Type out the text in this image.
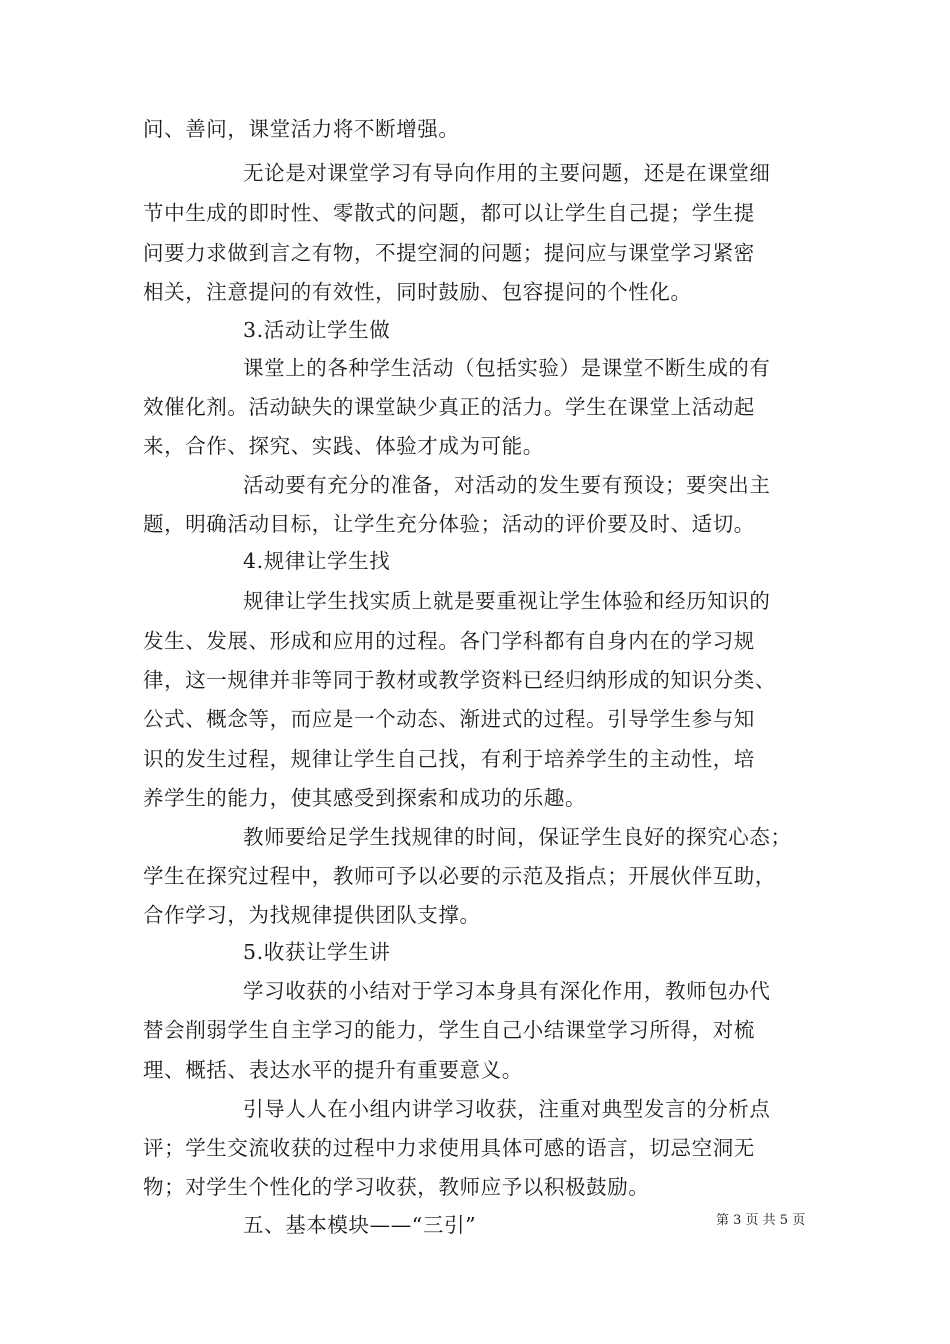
问、善问，课堂活力将不断增强。
无论是对课堂学习有导向作用的主要问题，还是在课堂细
节中生成的即时性、零散式的问题，都可以让学生自己提；学生提
问要力求做到言之有物，不提空洞的问题；提问应与课堂学习紧密
相关，注意提问的有效性，同时鼓励、包容提问的个性化。
3.活动让学生做
课堂上的各种学生活动（包括实验）是课堂不断生成的有
效催化剂。活动缺失的课堂缺少真正的活力。学生在课堂上活动起
来，合作、探究、实践、体验才成为可能。
活动要有充分的准备，对活动的发生要有预设；要突出主
题，明确活动目标，让学生充分体验；活动的评价要及时、适切。
4.规律让学生找
规律让学生找实质上就是要重视让学生体验和经历知识的
发生、发展、形成和应用的过程。各门学科都有自身内在的学习规
律，这一规律并非等同于教材或教学资料已经归纳形成的知识分类、
公式、概念等，而应是一个动态、渐进式的过程。引导学生参与知
识的发生过程，规律让学生自己找，有利于培养学生的主动性，培
养学生的能力，使其感受到探索和成功的乐趣。
教师要给足学生找规律的时间，保证学生良好的探究心态；
学生在探究过程中，教师可予以必要的示范及指点；开展伙伴互助，
合作学习，为找规律提供团队支撑。
5.收获让学生讲
学习收获的小结对于学习本身具有深化作用，教师包办代
替会削弱学生自主学习的能力，学生自己小结课堂学习所得，对梳
理、概括、表达水平的提升有重要意义。
引导人人在小组内讲学习收获，注重对典型发言的分析点
评；学生交流收获的过程中力求使用具体可感的语言，切忌空洞无
物；对学生个性化的学习收获，教师应予以积极鼓励。
五、基本模块——“三引”	第 3 页 共 5 页
